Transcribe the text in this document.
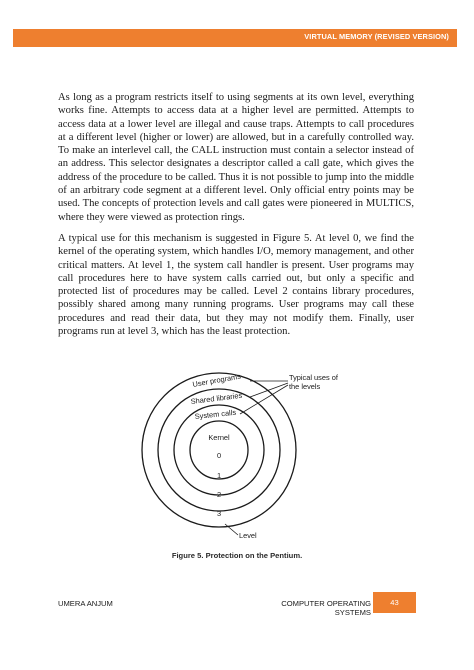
VIRTUAL MEMORY (REVISED VERSION)

As long as a program restricts itself to using segments at its own level, everything works fine. Attempts to access data at a higher level are permitted. Attempts to access data at a lower level are illegal and cause traps. Attempts to call procedures at a different level (higher or lower) are allowed, but in a carefully controlled way. To make an interlevel call, the CALL instruction must contain a selector instead of an address. This selector designates a descriptor called a call gate, which gives the address of the procedure to be called. Thus it is not possible to jump into the middle of an arbitrary code segment at a different level. Only official entry points may be used. The concepts of protection levels and call gates were pioneered in MULTICS, where they were viewed as protection rings.

A typical use for this mechanism is suggested in Figure 5. At level 0, we find the kernel of the operating system, which handles I/O, memory management, and other critical matters. At level 1, the system call handler is present. User programs may call procedures here to have system calls carried out, but only a specific and protected list of procedures may be called. Level 2 contains library procedures, possibly shared among many running programs. User programs may call these procedures and read their data, but they may not modify them. Finally, user programs run at level 3, which has the least protection.

User programs
Shared libraries
System calls
Kernel
0
1
2
3
Typical uses of
the levels
Level
Figure 5. Protection on the Pentium.
UMERA ANJUM	COMPUTER OPERATING SYSTEMS
43
